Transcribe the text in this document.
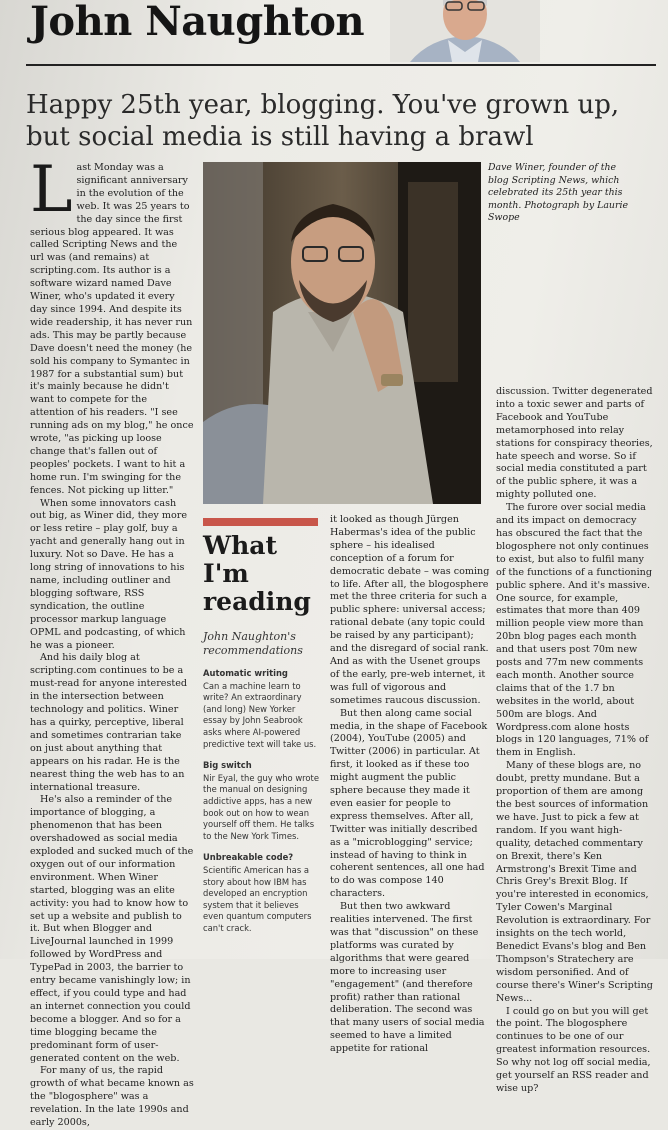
John Naughton
Happy 25th year, blogging. You've grown up, but social media is still having a brawl

Last Monday was a significant anniversary in the evolution of the web. It was 25 years to the day since the first serious blog appeared. It was called Scripting News and the url was (and remains) at scripting.com. Its author is a software wizard named Dave Winer, who's updated it every day since 1994. And despite its wide readership, it has never run ads. This may be partly because Dave doesn't need the money (he sold his company to Symantec in 1987 for a substantial sum) but it's mainly because he didn't want to compete for the attention of his readers. "I see running ads on my blog," he once wrote, "as picking up loose change that's fallen out of peoples' pockets. I want to hit a home run. I'm swinging for the fences. Not picking up litter."

When some innovators cash out big, as Winer did, they more or less retire – play golf, buy a yacht and generally hang out in luxury. Not so Dave. He has a long string of innovations to his name, including outliner and blogging software, RSS syndication, the outline processor markup language OPML and podcasting, of which he was a pioneer.

And his daily blog at scripting.com continues to be a must-read for anyone interested in the intersection between technology and politics. Winer has a quirky, perceptive, liberal and sometimes contrarian take on just about anything that appears on his radar. He is the nearest thing the web has to an international treasure.

He's also a reminder of the importance of blogging, a phenomenon that has been overshadowed as social media exploded and sucked much of the oxygen out of our information environment. When Winer started, blogging was an elite activity: you had to know how to set up a website and publish to it. But when Blogger and LiveJournal launched in 1999 followed by WordPress and TypePad in 2003, the barrier to entry became vanishingly low; in effect, if you could type and had an internet connection you could become a blogger. And so for a time blogging became the predominant form of user-generated content on the web.

For many of us, the rapid growth of what became known as the "blogosphere" was a revelation. In the late 1990s and early 2000s,

Dave Winer, founder of the blog Scripting News, which celebrated its 25th year this month. Photograph by Laurie Swope
What I'm reading
John Naughton's recommendations
Automatic writing
Can a machine learn to write? An extraordinary (and long) New Yorker essay by John Seabrook asks where AI-powered predictive text will take us.
Big switch
Nir Eyal, the guy who wrote the manual on designing addictive apps, has a new book out on how to wean yourself off them. He talks to the New York Times.
Unbreakable code?
Scientific American has a story about how IBM has developed an encryption system that it believes even quantum computers can't crack.

it looked as though Jürgen Habermas's idea of the public sphere – his idealised conception of a forum for democratic debate – was coming to life. After all, the blogosphere met the three criteria for such a public sphere: universal access; rational debate (any topic could be raised by any participant); and the disregard of social rank. And as with the Usenet groups of the early, pre-web internet, it was full of vigorous and sometimes raucous discussion.

But then along came social media, in the shape of Facebook (2004), YouTube (2005) and Twitter (2006) in particular. At first, it looked as if these too might augment the public sphere because they made it even easier for people to express themselves. After all, Twitter was initially described as a "microblogging" service; instead of having to think in coherent sentences, all one had to do was compose 140 characters.

But then two awkward realities intervened. The first was that "discussion" on these platforms was curated by algorithms that were geared more to increasing user "engagement" (and therefore profit) rather than rational deliberation. The second was that many users of social media seemed to have a limited appetite for rational

discussion. Twitter degenerated into a toxic sewer and parts of Facebook and YouTube metamorphosed into relay stations for conspiracy theories, hate speech and worse. So if social media constituted a part of the public sphere, it was a mighty polluted one.

The furore over social media and its impact on democracy has obscured the fact that the blogosphere not only continues to exist, but also to fulfil many of the functions of a functioning public sphere. And it's massive. One source, for example, estimates that more than 409 million people view more than 20bn blog pages each month and that users post 70m new posts and 77m new comments each month. Another source claims that of the 1.7 bn websites in the world, about 500m are blogs. And Wordpress.com alone hosts blogs in 120 languages, 71% of them in English.

Many of these blogs are, no doubt, pretty mundane. But a proportion of them are among the best sources of information we have. Just to pick a few at random. If you want high-quality, detached commentary on Brexit, there's Ken Armstrong's Brexit Time and Chris Grey's Brexit Blog. If you're interested in economics, Tyler Cowen's Marginal Revolution is extraordinary. For insights on the tech world, Benedict Evans's blog and Ben Thompson's Stratechery are wisdom personified. And of course there's Winer's Scripting News...

I could go on but you will get the point. The blogosphere continues to be one of our greatest information resources. So why not log off social media, get yourself an RSS reader and wise up?
